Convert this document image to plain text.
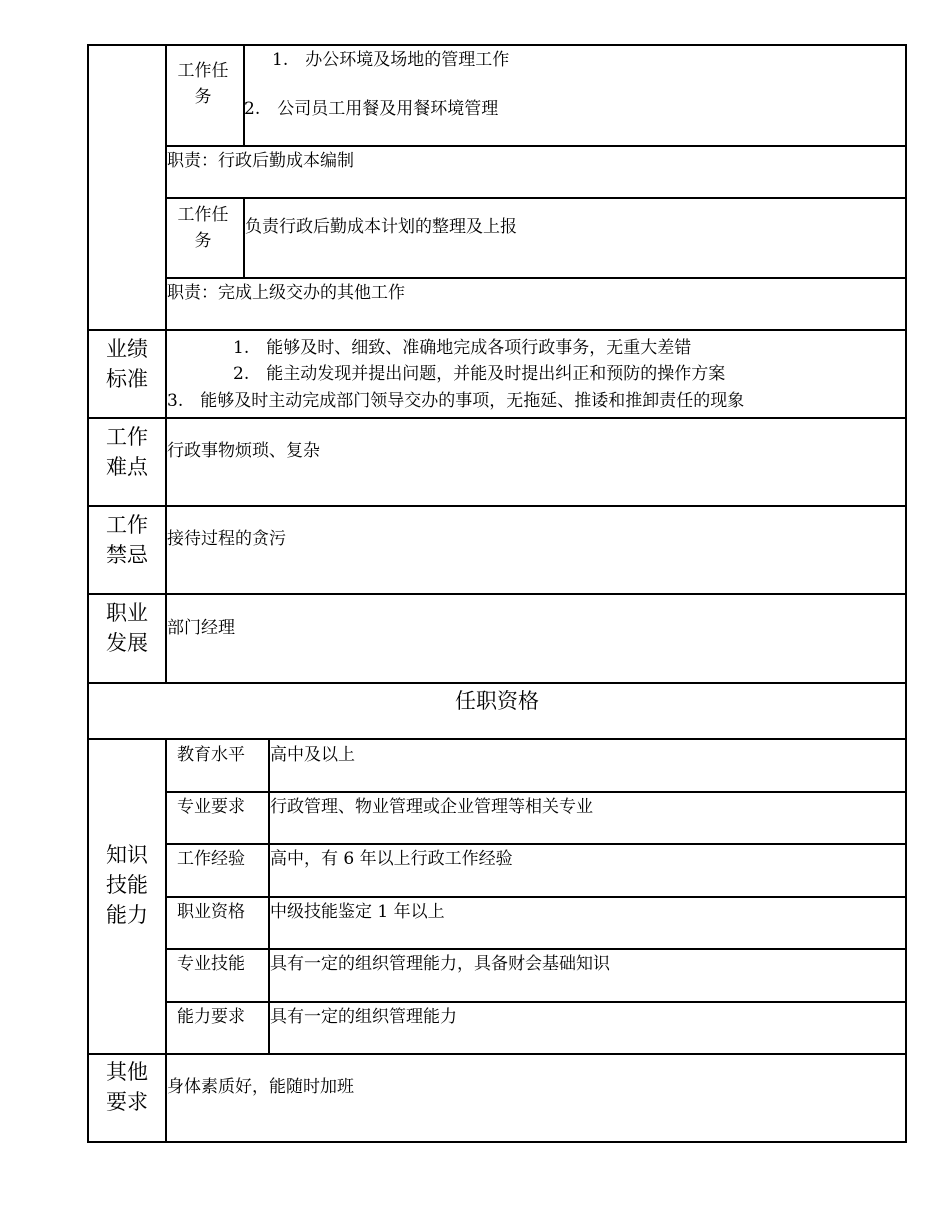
工作任
务
1.　办公环境及场地的管理工作
2.　公司员工用餐及用餐环境管理
职责：行政后勤成本编制
工作任
务
负责行政后勤成本计划的整理及上报
职责：完成上级交办的其他工作
业绩
标准
1.　能够及时、细致、准确地完成各项行政事务，无重大差错
2.　能主动发现并提出问题，并能及时提出纠正和预防的操作方案
3.　能够及时主动完成部门领导交办的事项，无拖延、推诿和推卸责任的现象
工作
难点
行政事物烦琐、复杂
工作
禁忌
接待过程的贪污
职业
发展
部门经理
任职资格
知识
技能
能力
教育水平 高中及以上
专业要求 行政管理、物业管理或企业管理等相关专业
工作经验 高中，有 6 年以上行政工作经验
职业资格 中级技能鉴定 1 年以上
专业技能 具有一定的组织管理能力，具备财会基础知识
能力要求 具有一定的组织管理能力
其他
要求
身体素质好，能随时加班
